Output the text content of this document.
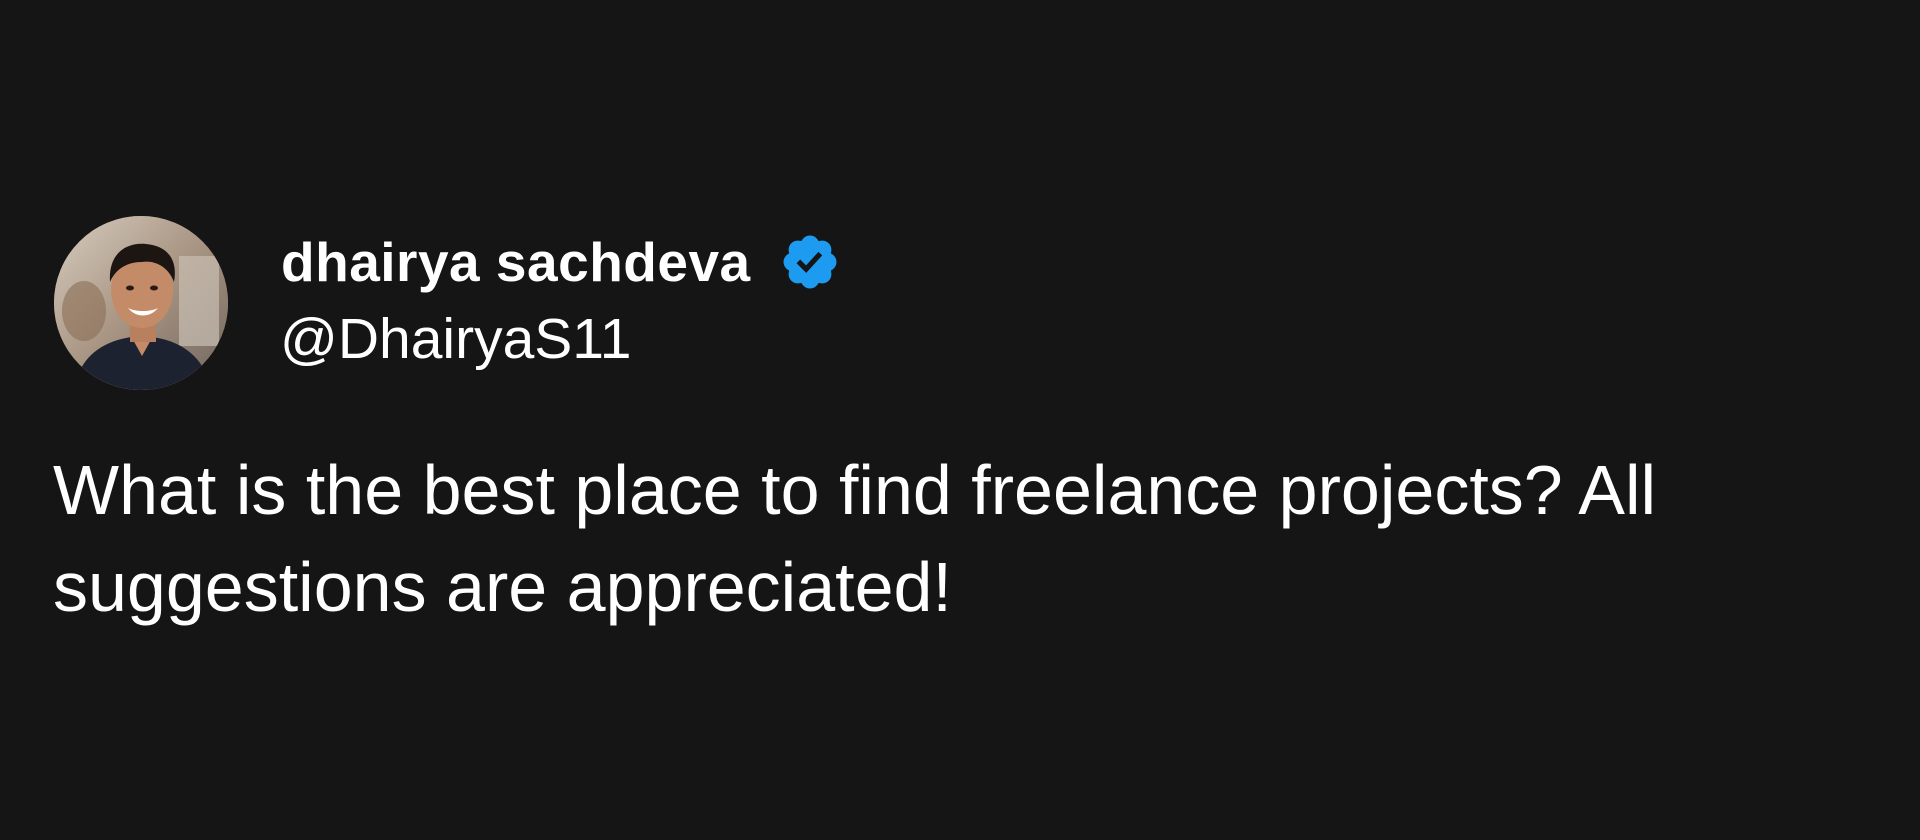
dhairya sachdeva
@DhairyaS11
What is the best place to find freelance projects? All suggestions are appreciated!
